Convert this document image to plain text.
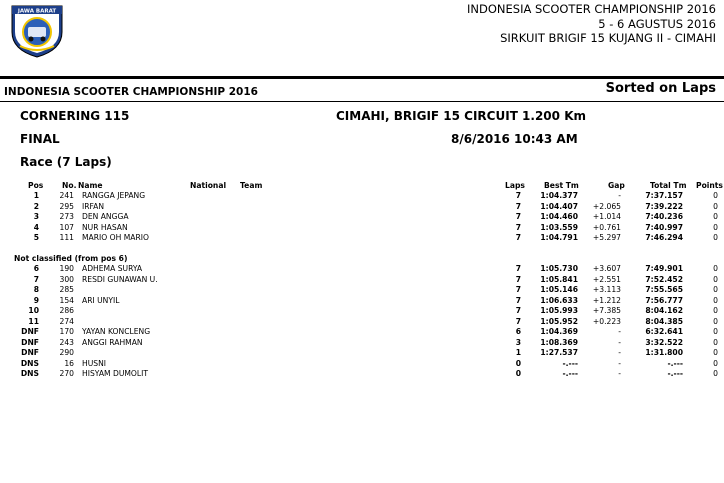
JAWA BARAT	INDONESIA SCOOTER CHAMPIONSHIP 2016
5 - 6 AGUSTUS 2016
SIRKUIT BRIGIF 15 KUJANG II - CIMAHI
INDONESIA SCOOTER CHAMPIONSHIP 2016	Sorted on Laps
CORNERING 115	CIMAHI, BRIGIF 15 CIRCUIT 1.200 Km
FINAL	8/6/2016 10:43 AM
Race (7 Laps)
Pos No. Name	National Team	Laps	Best Tm	Gap	Total Tm Points
1	241 RANGGA JEPANG	7	1:04.377	-	7:37.157	0
2	295 IRFAN	7	1:04.407 +2.065	7:39.222	0
3	273 DEN ANGGA	7	1:04.460 +1.014	7:40.236	0
4	107 NUR HASAN	7	1:03.559 +0.761	7:40.997	0
5	111 MARIO OH MARIO	7	1:04.791 +5.297	7:46.294	0
Not classified (from pos 6)
6	190 ADHEMA SURYA	7	1:05.730 +3.607	7:49.901	0
7	300 RESDI GUNAWAN U.	7	1:05.841 +2.551	7:52.452	0
8	285	7	1:05.146 +3.113	7:55.565	0
9	154 ARI UNYIL	7	1:06.633 +1.212	7:56.777	0
10	286	7	1:05.993 +7.385	8:04.162	0
11	274	7	1:05.952 +0.223	8:04.385	0
DNF	170 YAYAN KONCLENG	6	1:04.369	-	6:32.641	0
DNF	243 ANGGI RAHMAN	3	1:08.369	-	3:32.522	0
DNF	290	1	1:27.537	-	1:31.800	0
DNS	16 HUSNI	0	-.---	-	-.---	0
DNS	270 HISYAM DUMOLIT	0	-.---	-	-.---	0
